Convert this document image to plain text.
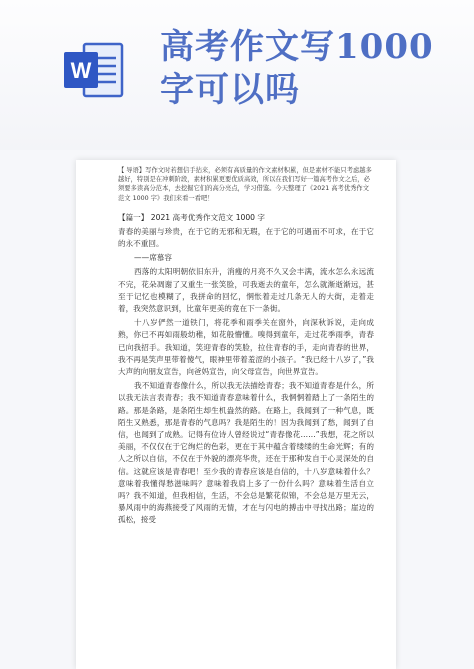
W
高考作文写1000字可以吗
【 导语】写作文时若想信手拈来，必须有高质量的作文素材积累，但是素材不能只考虑越多越好，特别是在冲刺阶段，素材积累更要优质高效，所以在我们写好一篇高考作文之后，必须要多读高分范本，去挖掘它们的高分亮点，学习借鉴。今天整理了《2021 高考优秀作文范文 1000 字》我们来看一看吧！
【篇一】 2021 高考优秀作文范文 1000 字

青春的美丽与珍贵，在于它的无邪和无瑕，在于它的可遇而不可求，在于它的永不重回。

——席慕容

西落的太阳明朝依旧东升，消瘦的月亮不久又会丰满，流水怎么永远流不完，花朵凋谢了又重生一张笑脸，可我逝去的童年，怎么就渐逝渐远，甚至于记忆也模糊了，我拼命的回忆，惘怅着走过几条无人的大街，走着走着，我突然意识到，比童年更美的竟在下一条街。

十八岁俨然一道铁门，将花季和雨季关在窗外，向深秋诉说，走向成熟，你已不再如雨般幼稚，如花般懵懂。嗅得到童年，走过花季雨季，青春已向我招手。我知道，笑迎青春的笑脸，拉住青春的手，走向青春的世界，我不再是笑声里带着傻气，眼神里带着羞涩的小孩子。“我已经十八岁了，”我大声的向朋友宣告，向爸妈宣告，向父母宣告，向世界宣告。

我不知道青春像什么，所以我无法描绘青春；我不知道青春是什么，所以我无法言表青春；我不知道青春意味着什么，我惘惘着踏上了一条陌生的路。那是条路，是条陌生却生机盎然的路。在路上，我闻到了一种气息，既陌生又熟悉，那是青春的气息吗？我是陌生的！因为我闻到了愁，闻到了自信，也闻到了成熟。记得有位诗人曾经说过“青春像花……”我想，花之所以美丽，不仅仅在于它绚烂的色彩，更在于其中蕴含着缕缕的生命光辉；有的人之所以自信，不仅在于外貌的漂亮华贵，还在于那种发自于心灵深处的自信。这就应该是青春吧！至少我的青春应该是自信的，十八岁意味着什么？意味着我懂得愁滋味吗？意味着我肩上多了一份什么吗？意味着生活自立吗？我不知道，但我相信，生活，不会总是繁花似锦，不会总是万里无云，暴风雨中的海燕接受了风雨的无情，才在与闪电的搏击中寻找出路；崖边的孤松，接受
